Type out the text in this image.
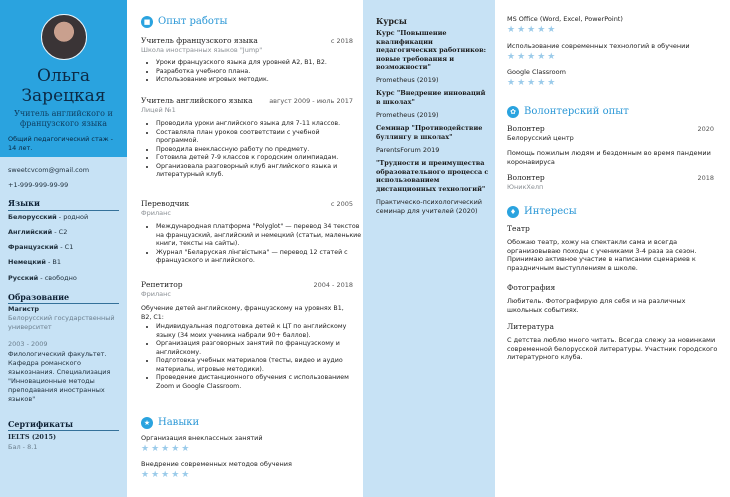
Ольга
Зарецкая
Учитель английского и французского языка
Общий педагогический стаж - 14 лет.
sweetcvcom@gmail.com
+1-999-999-99-99
Языки
Белорусский - родной
Английский - C2
Французский - C1
Немецкий - B1
Русский - свободно
Образование
Магистр
Белорусский государственный университет
2003 - 2009
Филологический факультет. Кафедра романского языкознания. Специализация "Инновационные методы преподавания иностранных языков"
Сертификаты
IELTS (2015)
Бал - 8.1
■ Опыт работы
Учитель французского языка	с 2018
Школа иностранных языков "Jump"
• Уроки французского языка для уровней А2, В1, В2.
• Разработка учебного плана.
• Использование игровых методик.
Учитель английского языка	август 2009 - июль 2017
Лицей №1
• Проводила уроки английского языка для 7-11 классов.
• Составляла план уроков соответствии с учебной программой.
• Проводила внеклассную работу по предмету.
• Готовила детей 7-9 классов к городским олимпиадам.
• Организовала разговорный клуб английского языка и литературный клуб.
Переводчик	с 2005
Фриланс
• Международная платформа "Polyglot" — перевод 34 текстов на французский, английский и немецкий (статьи, маленькие книги, тексты на сайты).
• Журнал "Беларуская лiнгвiстыка" — перевод 12 статей с французского и английского.
Репетитор	2004 - 2018
Фриланс
Обучение детей английскому, французскому на уровнях В1, В2, С1:
• Индивидуальная подготовка детей к ЦТ по английскому языку (34 моих ученика набрали 90+ баллов).
• Организация разговорных занятий по французскому и английскому.
• Подготовка учебных материалов (тесты, видео и аудио материалы, игровые методики).
• Проведение дистанционного обучения с использованием Zoom и Google Classroom.
★ Навыки
Организация внеклассных занятий
★★★★★
Внедрение современных методов обучения
★★★★★
Курсы
Курс "Повышение квалификации педагогических работников: новые требования и возможности"
Prometheus (2019)
Курс "Внедрение инноваций в школах"
Prometheus (2019)
Семинар "Противодействие буллингу в школах"
ParentsForum 2019
"Трудности и преимущества образовательного процесса с использованием дистанционных технологий"
Практическо-психологический семинар для учителей (2020)
MS Office (Word, Excel, PowerPoint)
★★★★★
Использование современных технологий в обучении
★★★★★
Google Classroom
★★★★★
✿ Волонтерский опыт
Волонтер	2020
Белорусский центр
Помощь пожилым людям и бездомным во время пандемии коронавируса
Волонтер	2018
ЮникХелп
♦ Интересы
Театр
Обожаю театр, хожу на спектакли сама и всегда организовываю походы с учениками 3-4 раза за сезон. Принимаю активное участие в написании сценариев к праздничным выступлениям в школе.
Фотография
Любитель. Фотографирую для себя и на различных школьных событиях.
Литература
С детства люблю много читать. Всегда слежу за новинками современной белорусской литературы. Участник городского литературного клуба.
